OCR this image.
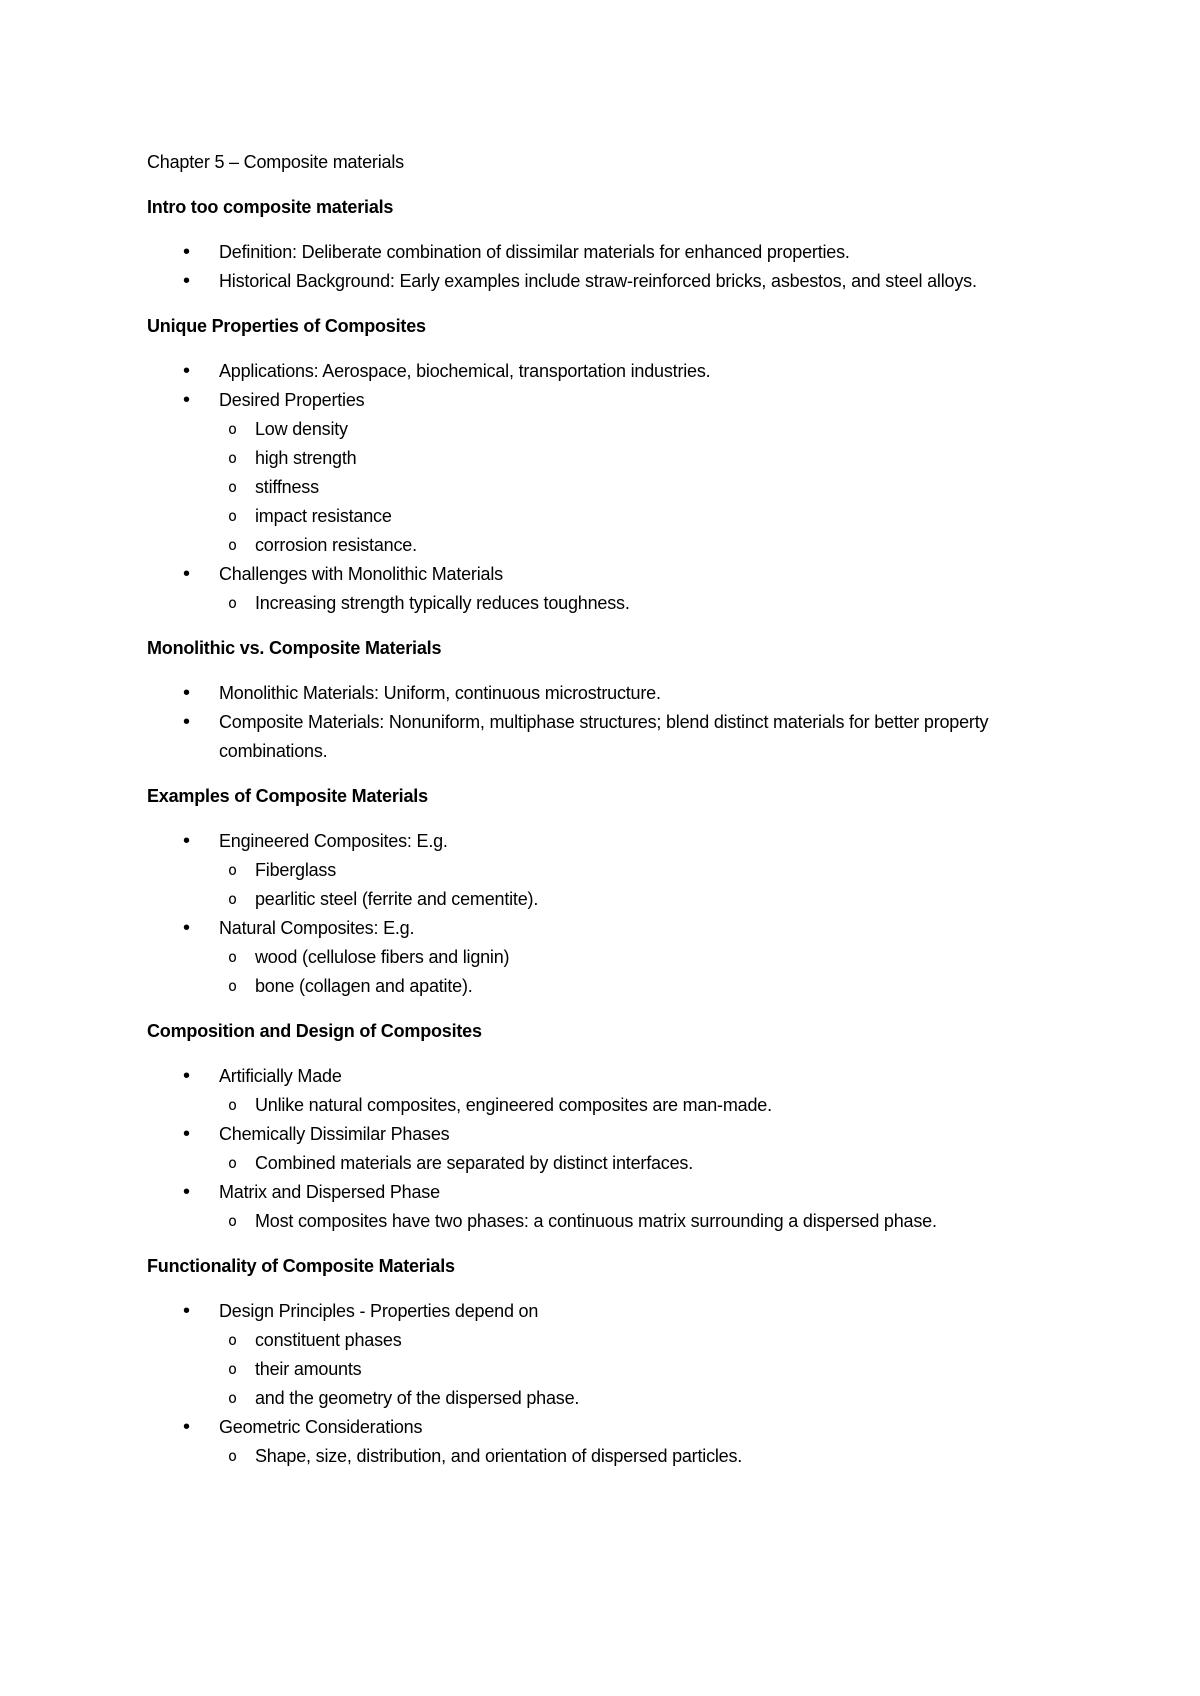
Chapter 5 – Composite materials

Intro too composite materials

• Definition: Deliberate combination of dissimilar materials for enhanced properties.
• Historical Background: Early examples include straw-reinforced bricks, asbestos, and steel alloys.

Unique Properties of Composites

• Applications: Aerospace, biochemical, transportation industries.
• Desired Properties
o Low density
o high strength
o stiffness
o impact resistance
o corrosion resistance.
• Challenges with Monolithic Materials
o Increasing strength typically reduces toughness.

Monolithic vs. Composite Materials

• Monolithic Materials: Uniform, continuous microstructure.
• Composite Materials: Nonuniform, multiphase structures; blend distinct materials for better property combinations.

Examples of Composite Materials

• Engineered Composites: E.g.
o Fiberglass
o pearlitic steel (ferrite and cementite).
• Natural Composites: E.g.
o wood (cellulose fibers and lignin)
o bone (collagen and apatite).

Composition and Design of Composites

• Artificially Made
o Unlike natural composites, engineered composites are man-made.
• Chemically Dissimilar Phases
o Combined materials are separated by distinct interfaces.
• Matrix and Dispersed Phase
o Most composites have two phases: a continuous matrix surrounding a dispersed phase.

Functionality of Composite Materials

• Design Principles - Properties depend on
o constituent phases
o their amounts
o and the geometry of the dispersed phase.
• Geometric Considerations
o Shape, size, distribution, and orientation of dispersed particles.
